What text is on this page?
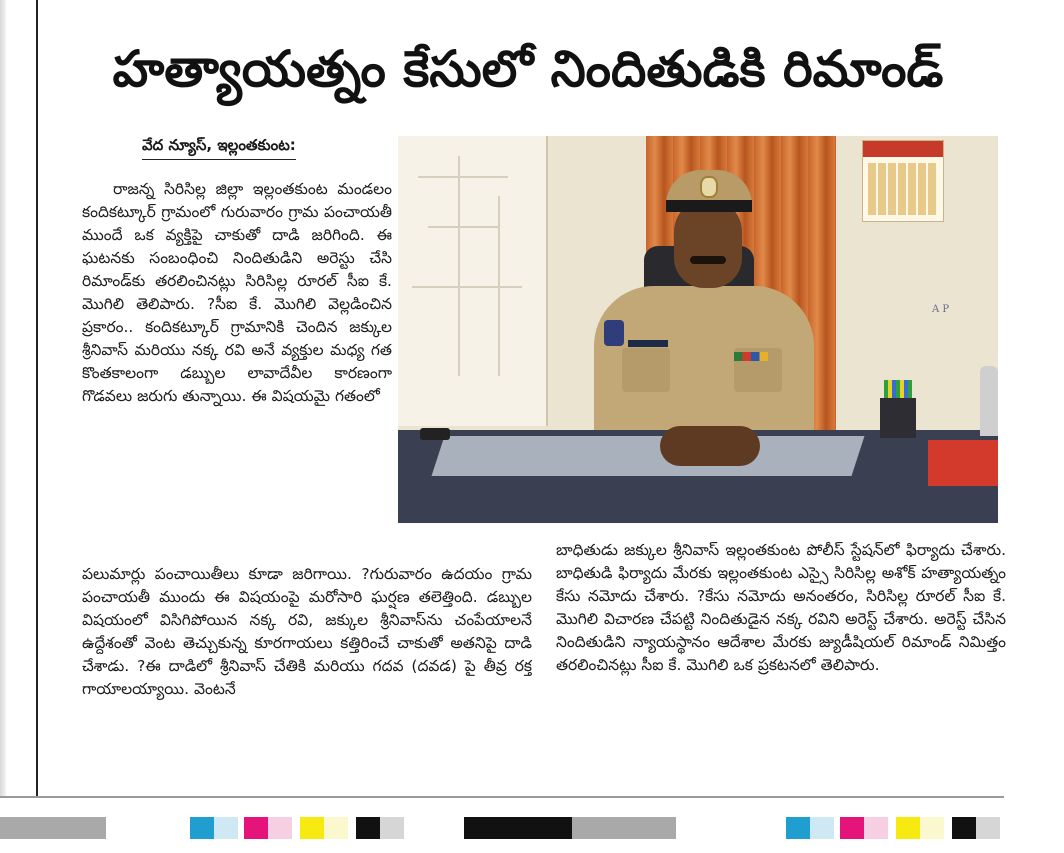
హత్యాయత్నం కేసులో నిందితుడికి రిమాండ్
వేద న్యూస్, ఇల్లంతకుంట:

రాజన్న సిరిసిల్ల జిల్లా ఇల్లంతకుంట మండలం కందికట్కూర్ గ్రామంలో గురువారం గ్రామ పంచాయతీ ముందే ఒక వ్యక్తిపై చాకుతో దాడి జరిగింది. ఈ ఘటనకు సంబంధించి నిందితుడిని అరెస్టు చేసి రిమాండ్‌కు తరలించినట్లు సిరిసిల్ల రూరల్ సీఐ కే. మొగిలి తెలిపారు. ?సీఐ కే. మొగిలి వెల్లడించిన ప్రకారం.. కందికట్కూర్ గ్రామానికి చెందిన జక్కుల శ్రీనివాస్ మరియు నక్క రవి అనే వ్యక్తుల మధ్య గత కొంతకాలంగా డబ్బుల లావాదేవీల కారణంగా గొడవలు జరుగు తున్నాయి. ఈ విషయమై గతంలో

A P

పలుమార్లు పంచాయితీలు కూడా జరిగాయి. ?గురువారం ఉదయం గ్రామ పంచాయతీ ముందు ఈ విషయంపై మరోసారి ఘర్షణ తలెత్తింది. డబ్బుల విషయంలో విసిగిపోయిన నక్క రవి, జక్కుల శ్రీనివాస్‌ను చంపేయాలనే ఉద్దేశంతో వెంట తెచ్చుకున్న కూరగాయలు కత్తిరించే చాకుతో అతనిపై దాడి చేశాడు. ?ఈ దాడిలో శ్రీనివాస్ చేతికి మరియు గదవ (దవడ) పై తీవ్ర రక్త గాయాలయ్యాయి. వెంటనే

బాధితుడు జక్కుల శ్రీనివాస్ ఇల్లంతకుంట పోలీస్ స్టేషన్‌లో ఫిర్యాదు చేశారు. బాధితుడి ఫిర్యాదు మేరకు ఇల్లంతకుంట ఎస్సై సిరిసిల్ల అశోక్ హత్యాయత్నం కేసు నమోదు చేశారు. ?కేసు నమోదు అనంతరం, సిరిసిల్ల రూరల్ సీఐ కే. మొగిలి విచారణ చేపట్టి నిందితుడైన నక్క రవిని అరెస్ట్ చేశారు. అరెస్ట్ చేసిన నిందితుడిని న్యాయస్థానం ఆదేశాల మేరకు జ్యుడీషియల్ రిమాండ్ నిమిత్తం తరలించినట్లు సీఐ కే. మొగిలి ఒక ప్రకటనలో తెలిపారు.
